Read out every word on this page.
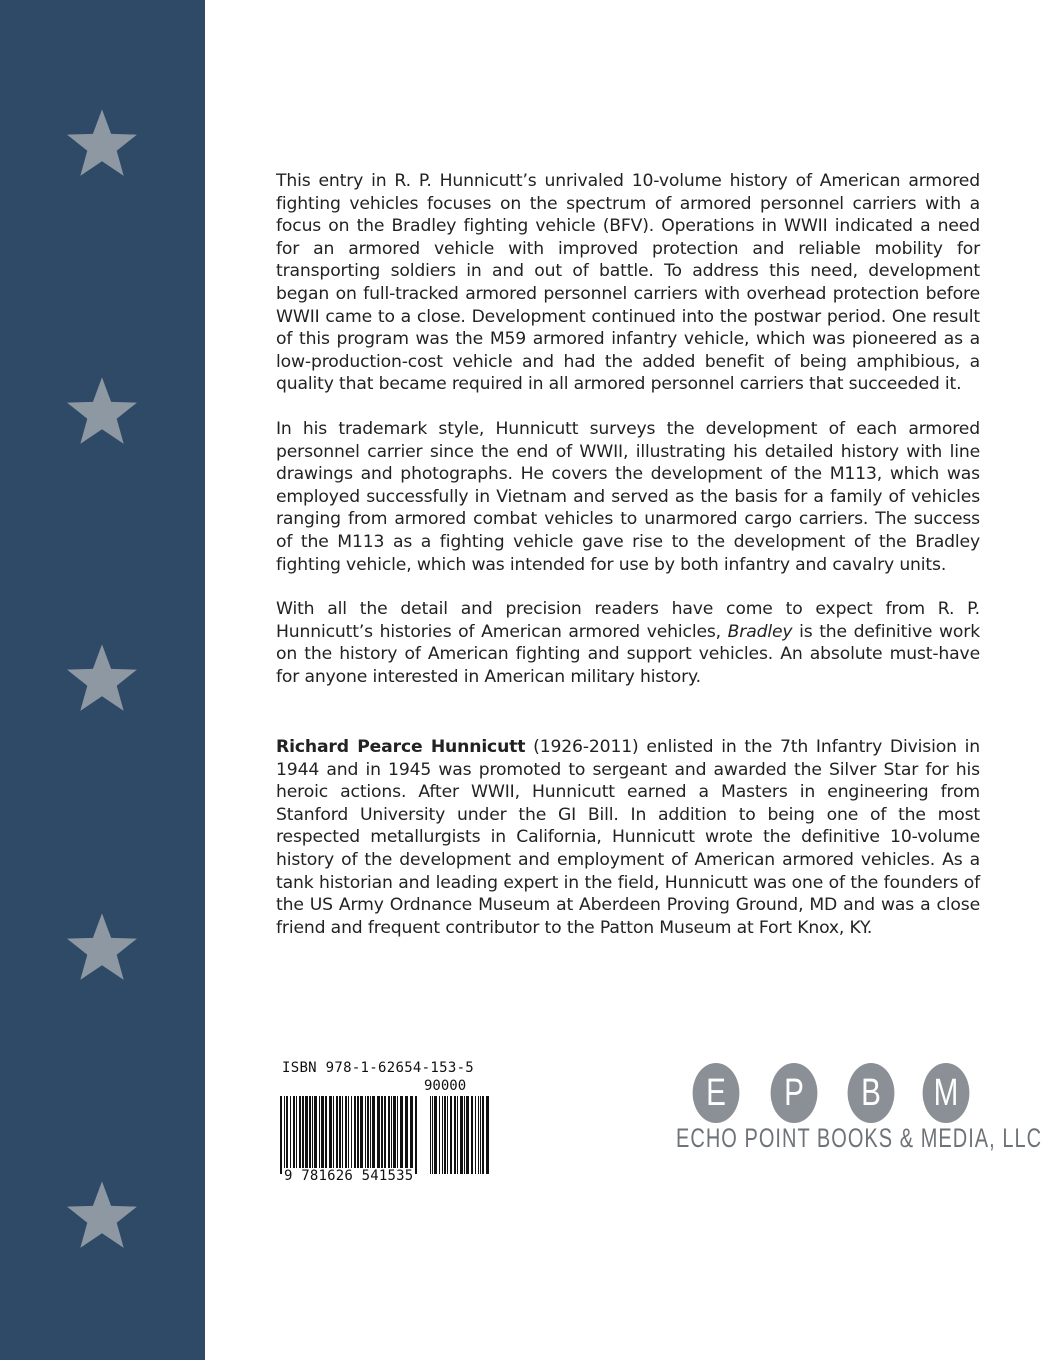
This entry in R. P. Hunnicutt’s unrivaled 10-volume history of American armored fighting vehicles focuses on the spectrum of armored personnel carriers with a focus on the Bradley fighting vehicle (BFV). Operations in WWII indicated a need for an armored vehicle with improved protection and reliable mobility for transporting soldiers in and out of battle. To address this need, development began on full-tracked armored personnel carriers with overhead protection before WWII came to a close. Development continued into the postwar period. One result of this program was the M59 armored infantry vehicle, which was pioneered as a low-production-cost vehicle and had the added benefit of being amphibious, a quality that became required in all armored personnel carriers that succeeded it.

In his trademark style, Hunnicutt surveys the development of each armored personnel carrier since the end of WWII, illustrating his detailed history with line drawings and photographs. He covers the development of the M113, which was employed successfully in Vietnam and served as the basis for a family of vehicles ranging from armored combat vehicles to unarmored cargo carriers. The success of the M113 as a fighting vehicle gave rise to the development of the Bradley fighting vehicle, which was intended for use by both infantry and cavalry units.

With all the detail and precision readers have come to expect from R. P. Hunnicutt’s histories of American armored vehicles, Bradley is the definitive work on the history of American fighting and support vehicles. An absolute must-have for anyone interested in American military history.

Richard Pearce Hunnicutt (1926-2011) enlisted in the 7th Infantry Division in 1944 and in 1945 was promoted to sergeant and awarded the Silver Star for his heroic actions. After WWII, Hunnicutt earned a Masters in engineering from Stanford University under the GI Bill. In addition to being one of the most respected metallurgists in California, Hunnicutt wrote the definitive 10-volume history of the development and employment of American armored vehicles. As a tank historian and leading expert in the field, Hunnicutt was one of the founders of the US Army Ordnance Museum at Aberdeen Proving Ground, MD and was a close friend and frequent contributor to the Patton Museum at Fort Knox, KY.

ISBN 978-1-62654-153-5
90000
9 781626 541535
E	P	B	M
ECHO POINT BOOKS & MEDIA, LLC
